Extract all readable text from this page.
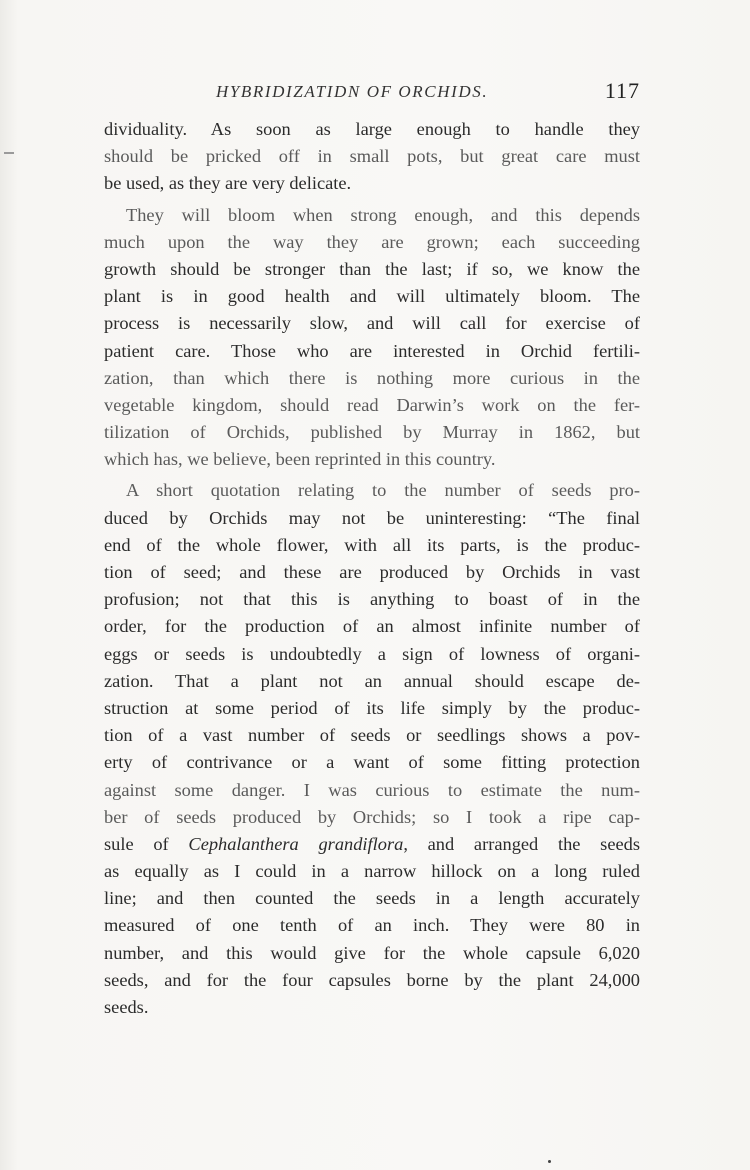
HYBRIDIZATIDN OF ORCHIDS.	117
dividuality. As soon as large enough to handle they
should be pricked off in small pots, but great care must
be used, as they are very delicate.
They will bloom when strong enough, and this depends
much upon the way they are grown; each succeeding
growth should be stronger than the last; if so, we know the
plant is in good health and will ultimately bloom. The
process is necessarily slow, and will call for exercise of
patient care. Those who are interested in Orchid fertili-
zation, than which there is nothing more curious in the
vegetable kingdom, should read Darwin’s work on the fer-
tilization of Orchids, published by Murray in 1862, but
which has, we believe, been reprinted in this country.
A short quotation relating to the number of seeds pro-
duced by Orchids may not be uninteresting: “The final
end of the whole flower, with all its parts, is the produc-
tion of seed; and these are produced by Orchids in vast
profusion; not that this is anything to boast of in the
order, for the production of an almost infinite number of
eggs or seeds is undoubtedly a sign of lowness of organi-
zation. That a plant not an annual should escape de-
struction at some period of its life simply by the produc-
tion of a vast number of seeds or seedlings shows a pov-
erty of contrivance or a want of some fitting protection
against some danger. I was curious to estimate the num-
ber of seeds produced by Orchids; so I took a ripe cap-
sule of Cephalanthera grandiflora, and arranged the seeds
as equally as I could in a narrow hillock on a long ruled
line; and then counted the seeds in a length accurately
measured of one tenth of an inch. They were 80 in
number, and this would give for the whole capsule 6,020
seeds, and for the four capsules borne by the plant 24,000
seeds.
